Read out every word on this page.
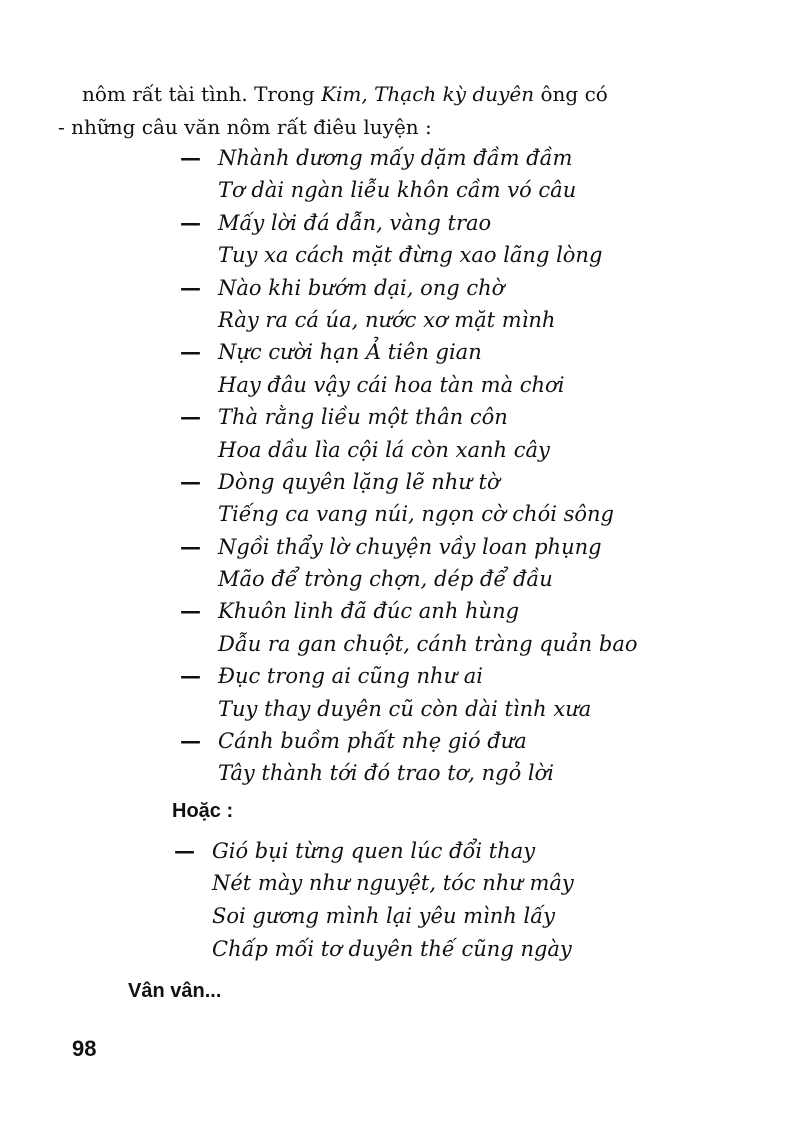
nôm rất tài tình. Trong Kim, Thạch kỳ duyên ông có
- những câu văn nôm rất điêu luyện :
— Nhành dương mấy dặm đầm đầm
Tơ dài ngàn liễu khôn cầm vó câu
— Mấy lời đá dẫn, vàng trao
Tuy xa cách mặt đừng xao lãng lòng
— Nào khi bướm dại, ong chờ
Rày ra cá úa, nước xơ mặt mình
— Nực cười hạn Ả tiên gian
Hay đâu vậy cái hoa tàn mà chơi
— Thà rằng liều một thân côn
Hoa dầu lìa cội lá còn xanh cây
— Dòng quyên lặng lẽ như tờ
Tiếng ca vang núi, ngọn cờ chói sông
— Ngồi thẩy lờ chuyện vầy loan phụng
Mão để tròng chợn, dép để đầu
— Khuôn linh đã đúc anh hùng
Dẫu ra gan chuột, cánh tràng quản bao
— Đục trong ai cũng như ai
Tuy thay duyên cũ còn dài tình xưa
— Cánh buồm phất nhẹ gió đưa
Tây thành tới đó trao tơ, ngỏ lời
Hoặc :
— Gió bụi từng quen lúc đổi thay
Nét mày như nguyệt, tóc như mây
Soi gương mình lại yêu mình lấy
Chấp mối tơ duyên thế cũng ngày
Vân vân...
98
